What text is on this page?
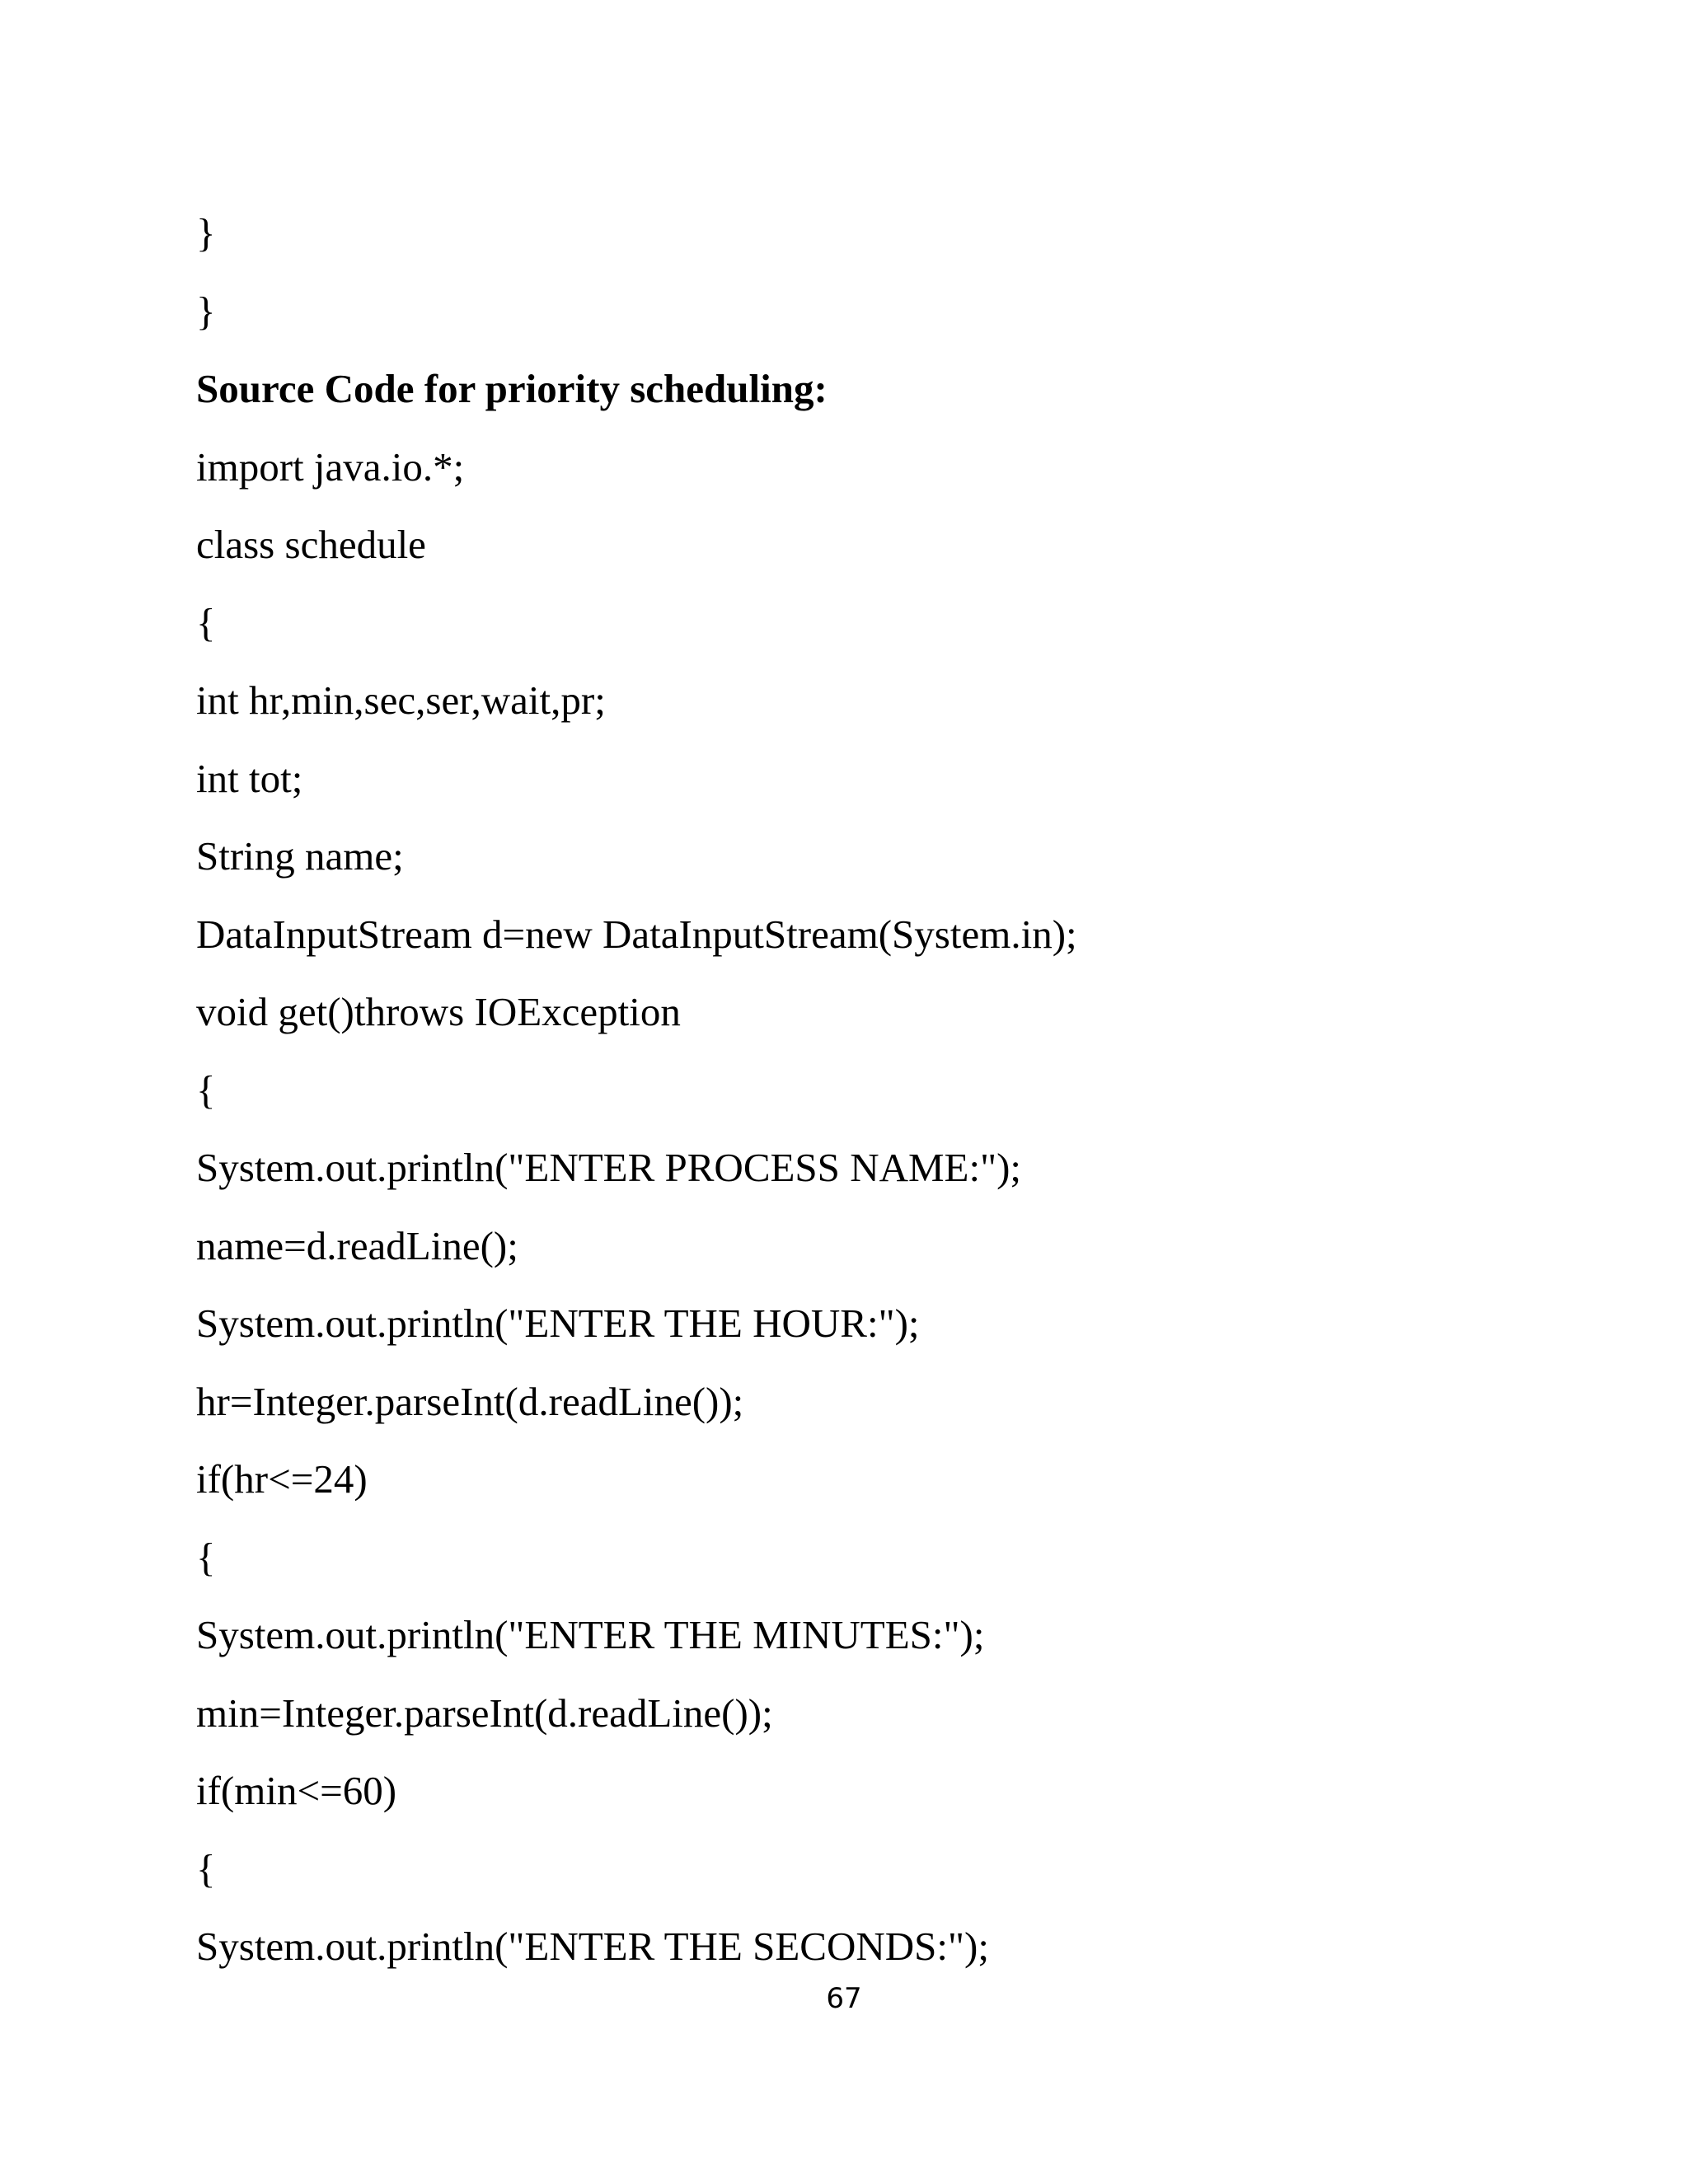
}
}
Source Code for priority scheduling:
import java.io.*;
class schedule
{
int hr,min,sec,ser,wait,pr;
int tot;
String name;
DataInputStream d=new DataInputStream(System.in);
void get()throws IOException
{
System.out.println("ENTER PROCESS NAME:");
name=d.readLine();
System.out.println("ENTER THE HOUR:");
hr=Integer.parseInt(d.readLine());
if(hr<=24)
{
System.out.println("ENTER THE MINUTES:");
min=Integer.parseInt(d.readLine());
if(min<=60)
{
System.out.println("ENTER THE SECONDS:");
67
